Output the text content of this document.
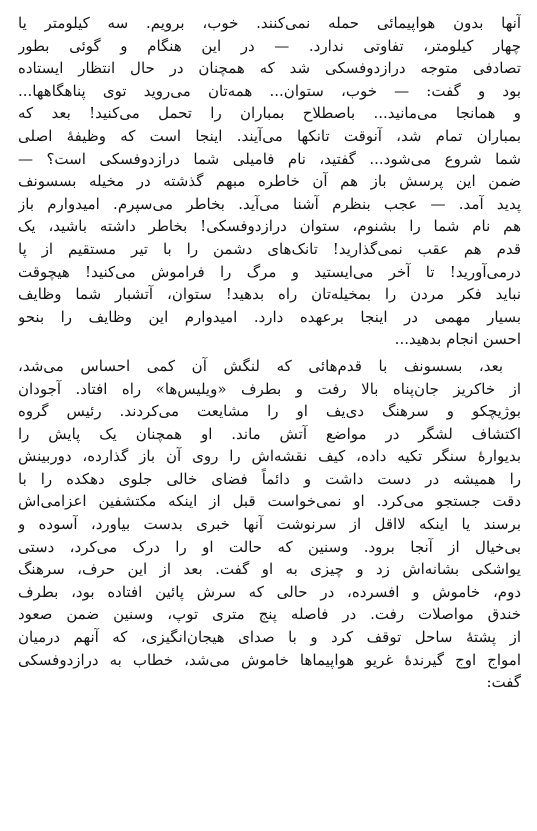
آنها بدون هواپیمائی حمله نمی‌کنند. خوب، برویم. سه کیلومتر یا
چهار کیلومتر، تفاوتی ندارد. — در این هنگام و گوئی بطور
تصادفی متوجه درازدوفسکی شد که همچنان در حال انتظار ایستاده
بود و گفت: — خوب، ستوان... همه‌تان می‌روید توی پناهگاهها...
و همانجا می‌مانید... باصطلاح بمباران را تحمل می‌کنید! بعد که
بمباران تمام شد، آنوقت تانکها می‌آیند. اینجا است که وظیفهٔ اصلی
شما شروع می‌شود... گفتید، نام فامیلی شما درازدوفسکی است؟ —
ضمن این پرسش باز هم آن خاطره مبهم گذشته در مخیله بسسونف
پدید آمد. — عجب بنظرم آشنا می‌آید. بخاطر می‌سپرم. امیدوارم باز
هم نام شما را بشنوم، ستوان درازدوفسکی! بخاطر داشته باشید، یک
قدم هم عقب نمی‌گذارید! تانک‌های دشمن را با تیر مستقیم از پا
درمی‌آورید! تا آخر می‌ایستید و مرگ را فراموش می‌کنید! هیچوقت
نباید فکر مردن را بمخیله‌تان راه بدهید! ستوان، آتشبار شما وظایف
بسیار مهمی در اینجا برعهده دارد. امیدوارم این وظایف را بنحو
احسن انجام بدهید...
بعد، بسسونف با قدم‌هائی که لنگش آن کمی احساس می‌شد،
از خاکریز جان‌پناه بالا رفت و بطرف «ویلیس‌ها» راه افتاد. آجودان
بوژیچکو و سرهنگ دی‌یف او را مشایعت می‌کردند. رئیس گروه
اکتشاف لشگر در مواضع آتش ماند. او همچنان یک پایش را
بدیوارهٔ سنگر تکیه داده، کیف نقشه‌اش را روی آن باز گذارده، دوربینش
را همیشه در دست داشت و دائماً فضای خالی جلوی دهکده را با
دقت جستجو می‌کرد. او نمی‌خواست قبل از اینکه مکتشفین اعزامی‌اش
برسند یا اینکه لااقل از سرنوشت آنها خبری بدست بیاورد، آسوده و
بی‌خیال از آنجا برود. وسنین که حالت او را درک می‌کرد، دستی
یواشکی بشانه‌اش زد و چیزی به او گفت. بعد از این حرف، سرهنگ
دوم، خاموش و افسرده، در حالی که سرش پائین افتاده بود، بطرف
خندق مواصلات رفت. در فاصله پنج متری توپ، وسنین ضمن صعود
از پشتهٔ ساحل توقف کرد و با صدای هیجان‌انگیزی، که آنهم درمیان
امواج اوج گیرندهٔ غریو هواپیماها خاموش می‌شد، خطاب به درازدوفسکی
گفت:
